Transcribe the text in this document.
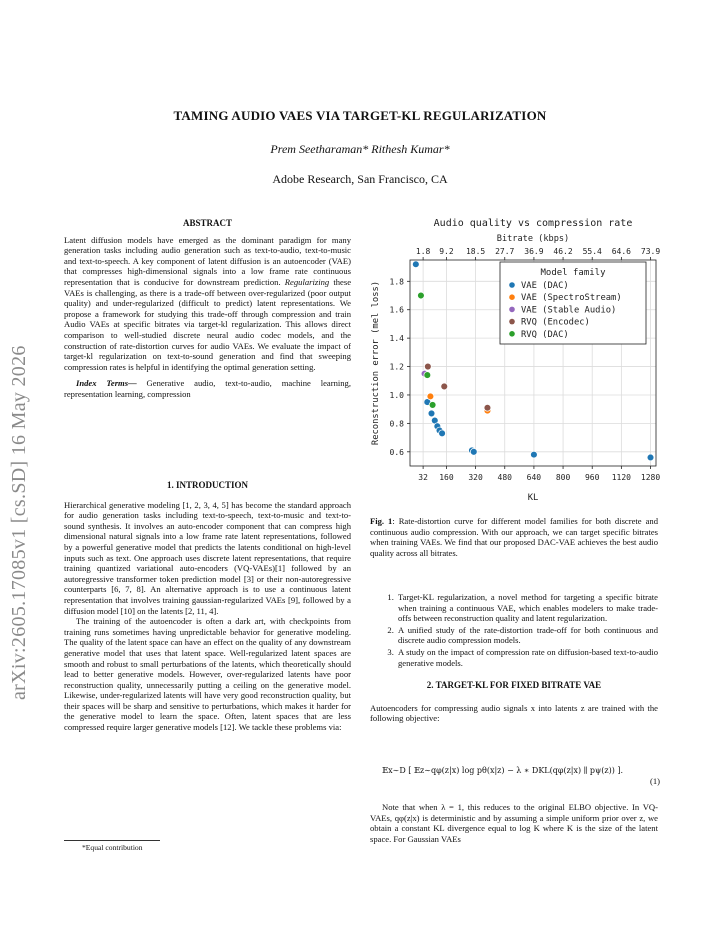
arXiv:2605.17085v1 [cs.SD] 16 May 2026
TAMING AUDIO VAES VIA TARGET-KL REGULARIZATION
Prem Seetharaman* Rithesh Kumar*
Adobe Research, San Francisco, CA

ABSTRACT

Latent diffusion models have emerged as the dominant paradigm for many generation tasks including audio generation such as text-to-audio, text-to-music and text-to-speech. A key component of latent diffusion is an autoencoder (VAE) that compresses high-dimensional signals into a low frame rate continuous representation that is conducive for downstream prediction. Regularizing these VAEs is challenging, as there is a trade-off between over-regularized (poor output quality) and under-regularized (difficult to predict) latent representations. We propose a framework for studying this trade-off through compression and train Audio VAEs at specific bitrates via target-kl regularization. This allows direct comparison to well-studied discrete neural audio codec models, and the construction of rate-distortion curves for audio VAEs. We evaluate the impact of target-kl regularization on text-to-sound generation and find that sweeping compression rates is helpful in identifying the optimal generation setting.

Index Terms— Generative audio, text-to-audio, machine learning, representation learning, compression

1. INTRODUCTION

Hierarchical generative modeling [1, 2, 3, 4, 5] has become the standard approach for audio generation tasks including text-to-speech, text-to-music and text-to-sound synthesis. It involves an auto-encoder component that can compress high dimensional natural signals into a low frame rate latent representations, followed by a powerful generative model that predicts the latents conditional on high-level inputs such as text. One approach uses discrete latent representations, that require training quantized variational auto-encoders (VQ-VAEs)[1] followed by an autoregressive transformer token prediction model [3] or their non-autoregressive counterparts [6, 7, 8]. An alternative approach is to use a continuous latent representation that involves training gaussian-regularized VAEs [9], followed by a diffusion model [10] on the latents [2, 11, 4].

The training of the autoencoder is often a dark art, with checkpoints from training runs sometimes having unpredictable behavior for generative modeling. The quality of the latent space can have an effect on the quality of any downstream generative model that uses that latent space. Well-regularized latent spaces are smooth and robust to small perturbations of the latents, which theoretically should lead to better generative models. However, over-regularized latents have poor reconstruction quality, unnecessarily putting a ceiling on the generative model. Likewise, under-regularized latents will have very good reconstruction quality, but their spaces will be sharp and sensitive to perturbations, which makes it harder for the generative model to learn the space. Often, latent spaces that are less compressed require larger generative models [12]. We tackle these problems via:

*Equal contribution
Audio quality vs compression rate
Bitrate (kbps)
32 160 320 480 640 800 960 1120 1280
1.8 9.2 18.5 27.7 36.9 46.2 55.4 64.6 73.9
0.6
0.8
1.0
1.2
1.4
1.6
1.8
KL
Reconstruction error (mel loss)
Model family
VAE (DAC)
VAE (SpectroStream)
VAE (Stable Audio)
RVQ (Encodec)
RVQ (DAC)

Fig. 1: Rate-distortion curve for different model families for both discrete and continuous audio compression. With our approach, we can target specific bitrates when training VAEs. We find that our proposed DAC-VAE achieves the best audio quality across all bitrates.

1. Target-KL regularization, a novel method for targeting a specific bitrate when training a continuous VAE, which enables modelers to make trade-offs between reconstruction quality and latent regularization.
2. A unified study of the rate-distortion trade-off for both continuous and discrete audio compression models.
3. A study on the impact of compression rate on diffusion-based text-to-audio generative models.

2. TARGET-KL FOR FIXED BITRATE VAE

Autoencoders for compressing audio signals x into latents z are trained with the following objective:

𝔼x∼D [ 𝔼z∼qφ(z|x) log pθ(x|z) − λ ∗ DKL(qφ(z|x) ∥ pψ(z)) ].
(1)

Note that when λ = 1, this reduces to the original ELBO objective. In VQ-VAEs, qφ(z|x) is deterministic and by assuming a simple uniform prior over z, we obtain a constant KL divergence equal to log K where K is the size of the latent space. For Gaussian VAEs
